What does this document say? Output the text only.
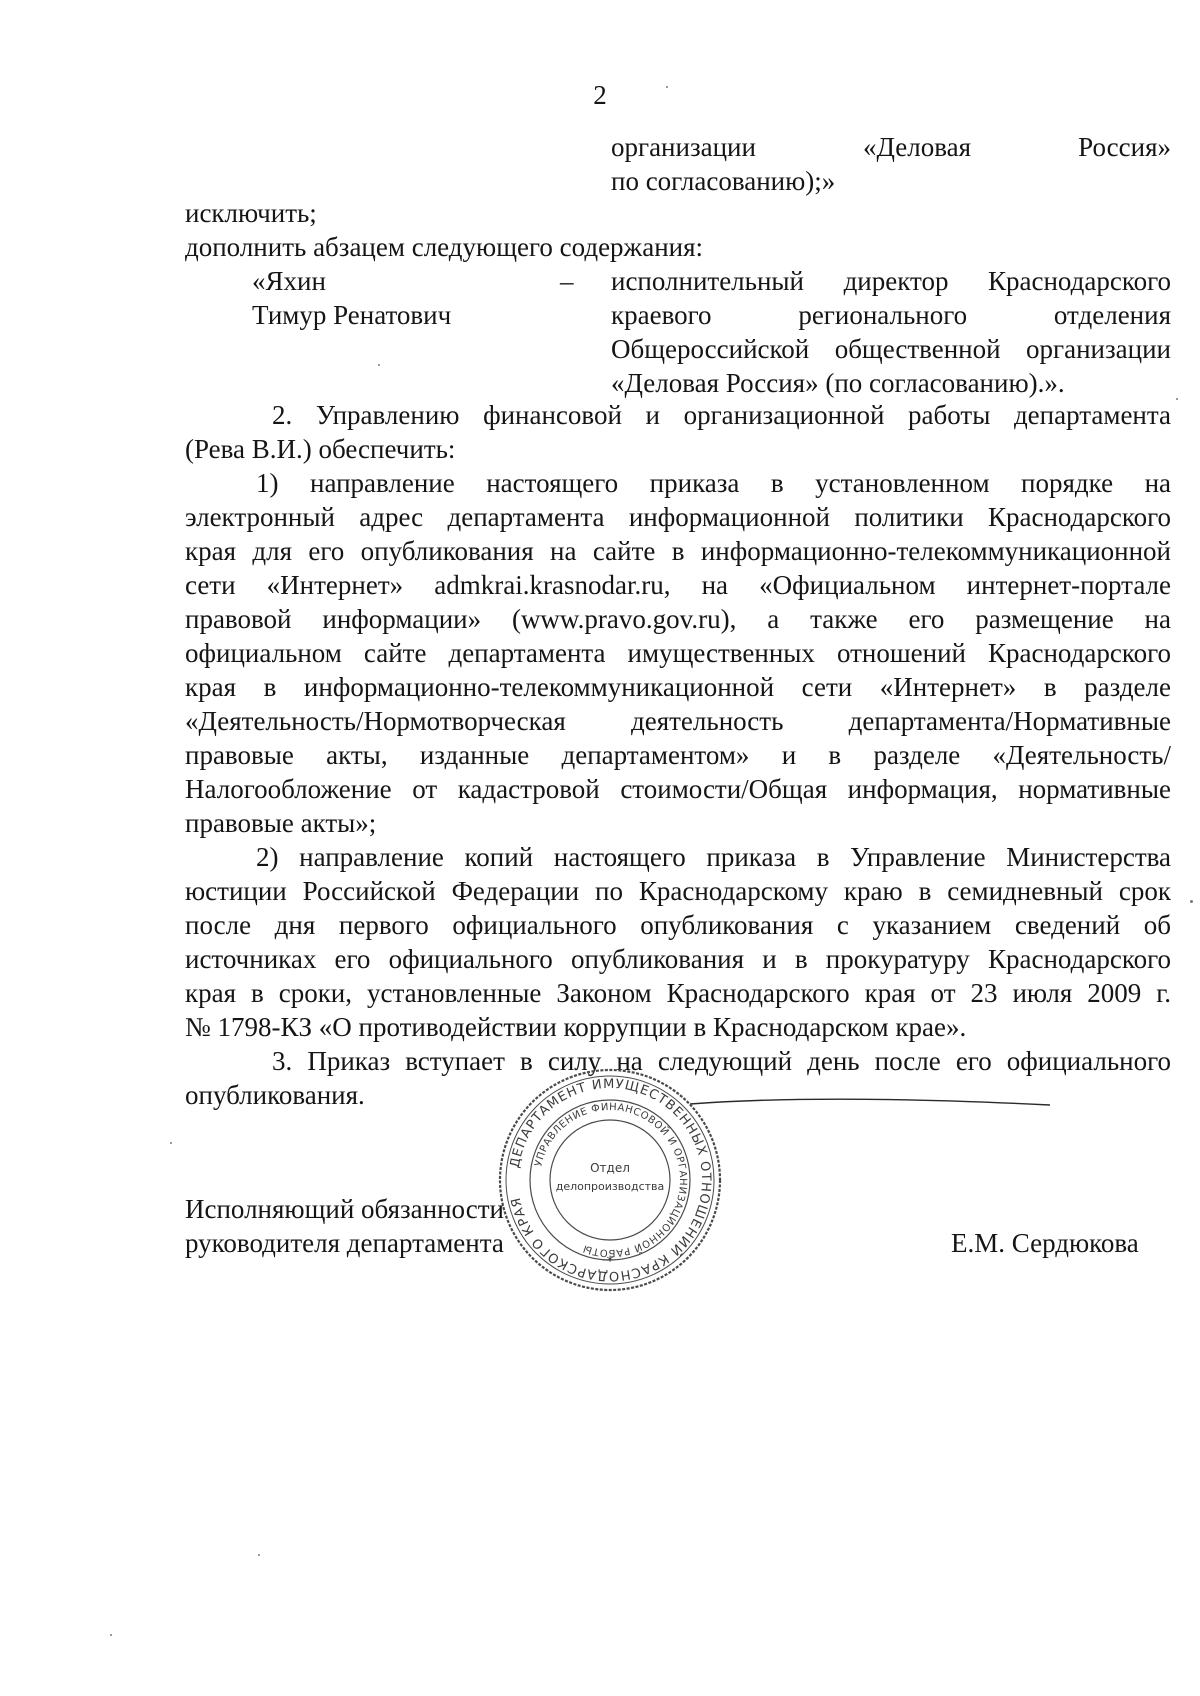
2
организации «Деловая Россия»
по согласованию);»
исключить;
дополнить абзацем следующего содержания:
«Яхин
Тимур Ренатович
– исполнительный директор Краснодарского
краевого регионального отделения
Общероссийской общественной организации
«Деловая Россия» (по согласованию).».
2. Управлению финансовой и организационной работы департамента
(Рева В.И.) обеспечить:
1) направление настоящего приказа в установленном порядке на
электронный адрес департамента информационной политики Краснодарского
края для его опубликования на сайте в информационно-телекоммуникационной
сети «Интернет» admkrai.krasnodar.ru, на «Официальном интернет-портале
правовой информации» (www.pravo.gov.ru), а также его размещение на
официальном сайте департамента имущественных отношений Краснодарского
края в информационно-телекоммуникационной сети «Интернет» в разделе
«Деятельность/Нормотворческая деятельность департамента/Нормативные
правовые акты, изданные департаментом» и в разделе «Деятельность/
Налогообложение от кадастровой стоимости/Общая информация, нормативные
правовые акты»;
2) направление копий настоящего приказа в Управление Министерства
юстиции Российской Федерации по Краснодарскому краю в семидневный срок
после дня первого официального опубликования с указанием сведений об
источниках его официального опубликования и в прокуратуру Краснодарского
края в сроки, установленные Законом Краснодарского края от 23 июля 2009 г.
№ 1798-КЗ «О противодействии коррупции в Краснодарском крае».
3. Приказ вступает в силу на следующий день после его официального
опубликования.
Исполняющий обязанности
руководителя департамента	Е.М. Сердюкова
ДЕПАРТАМЕНТ ИМУЩЕСТВЕННЫХ ОТНОШЕНИЙ КРАСНОДАРСКОГО КРАЯ
УПРАВЛЕНИЕ ФИНАНСОВОЙ И ОРГАНИЗАЦИОННОЙ РАБОТЫ
Отдел
делопроизводства
*
